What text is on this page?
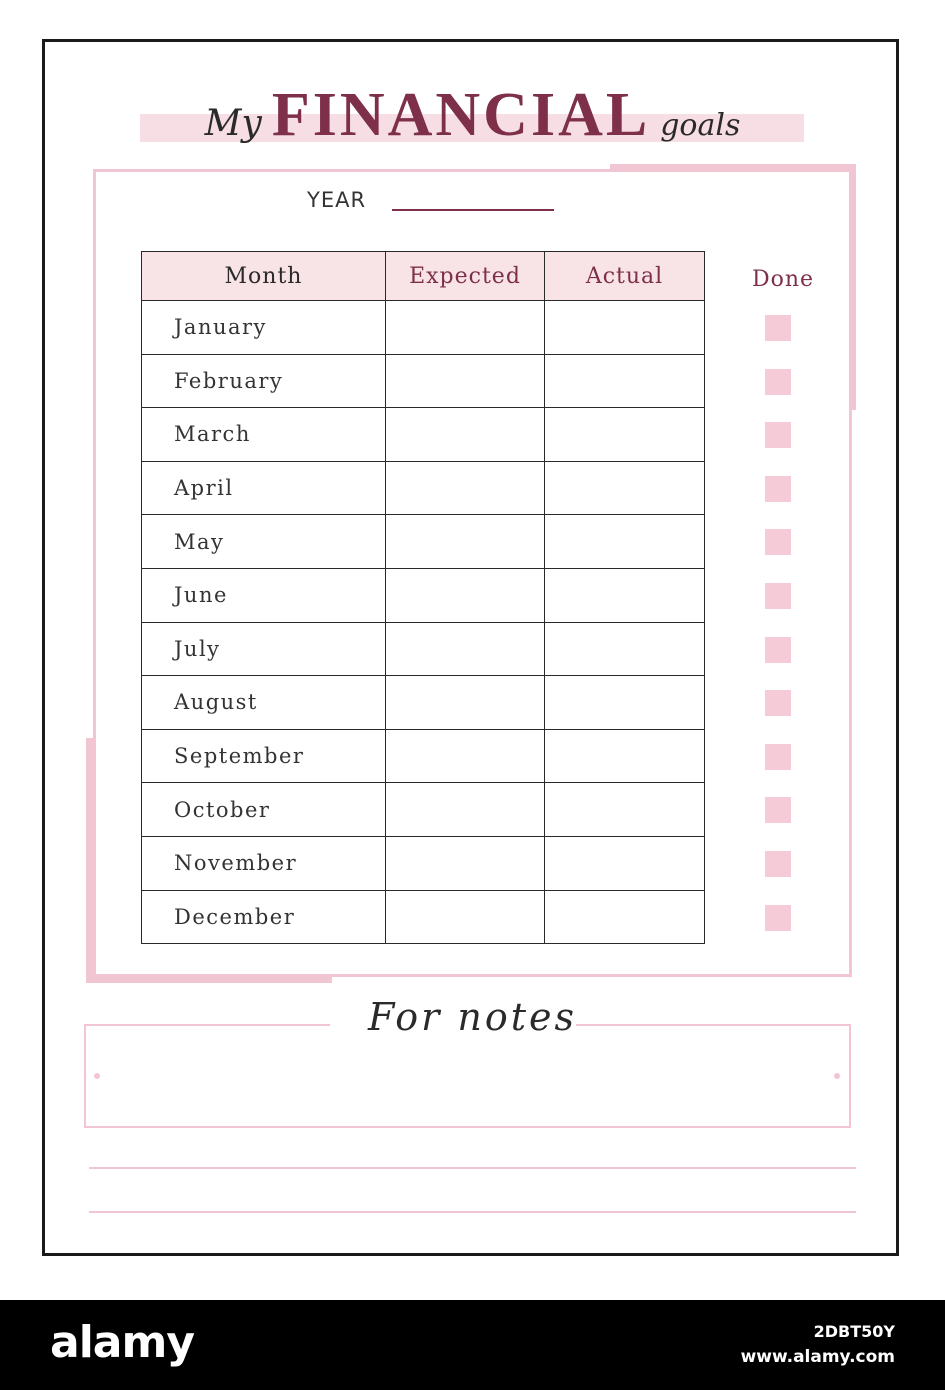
My FINANCIAL goals
YEAR
Month	Expected	Actual
January		
February		
March		
April		
May		
June		
July		
August		
September		
October		
November		
December		
Done
For notes
alamy	2DBT50Y
www.alamy.com
